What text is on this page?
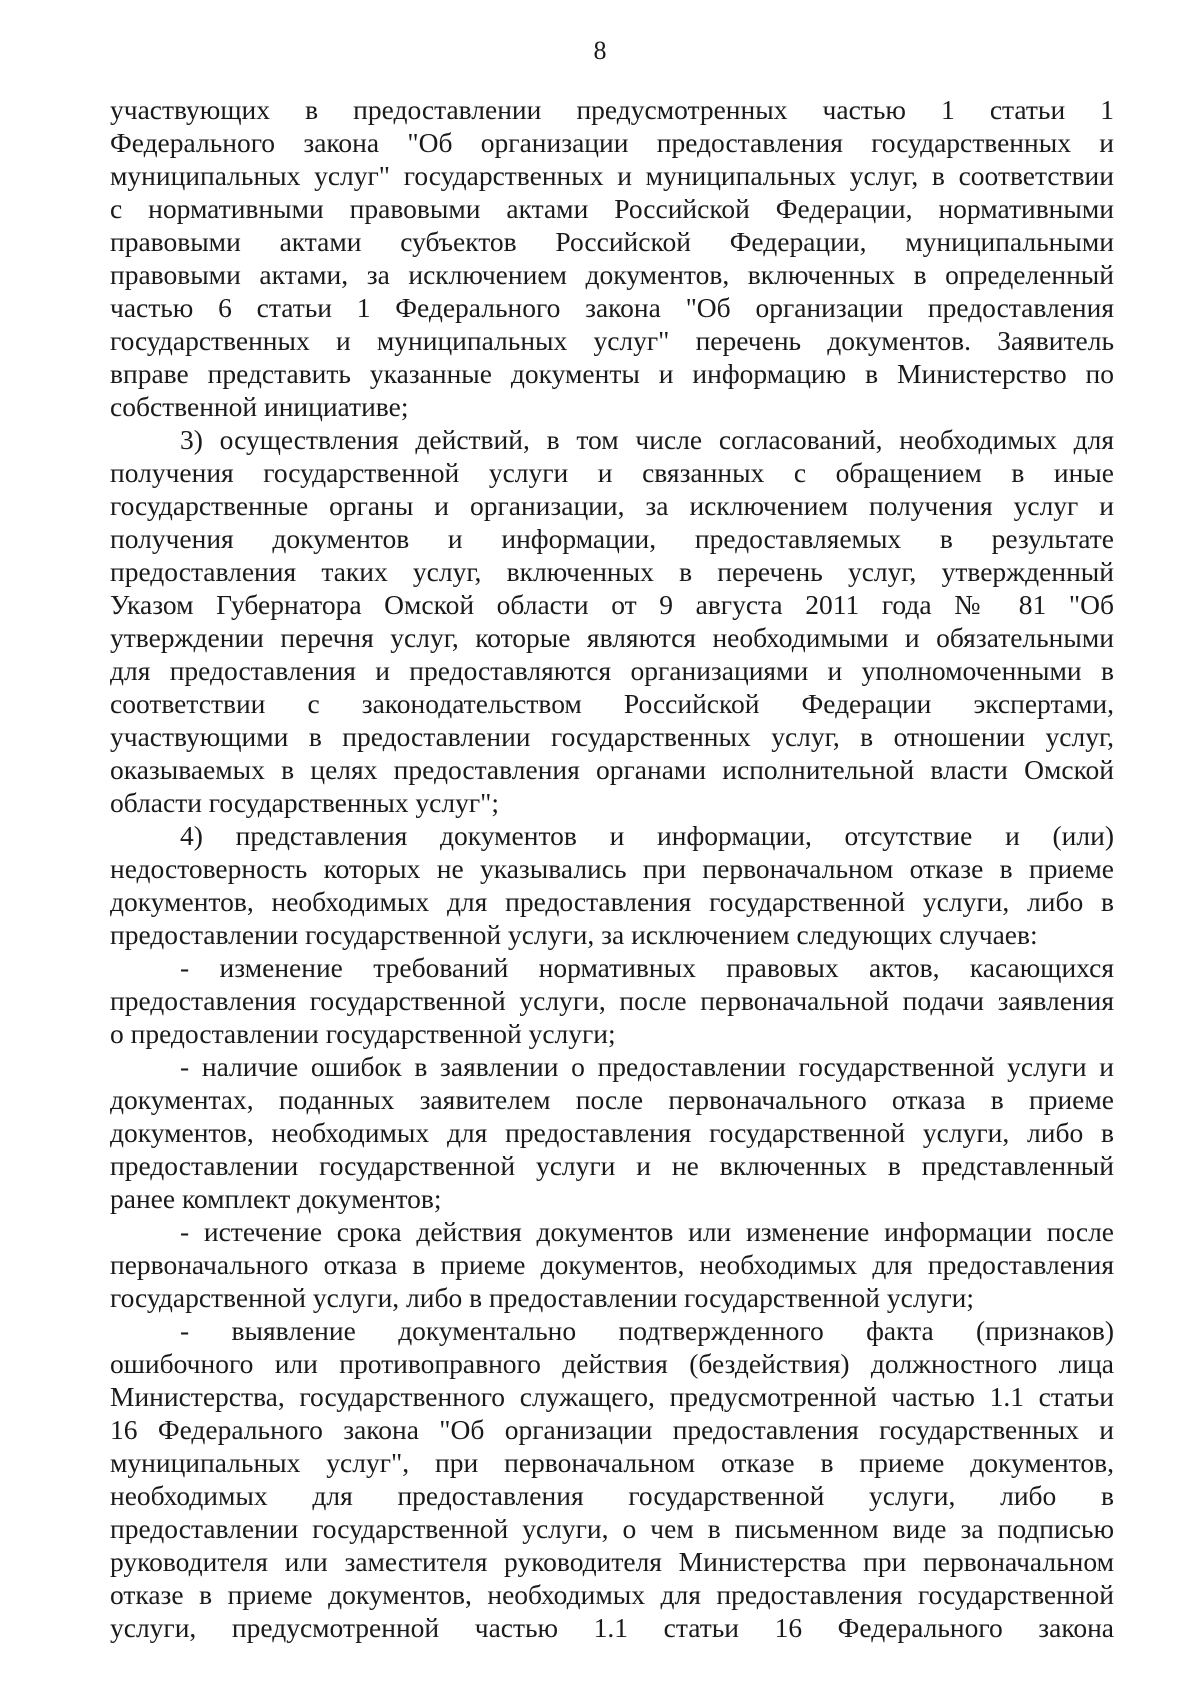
8
участвующих в предоставлении предусмотренных частью 1 статьи 1
Федерального закона "Об организации предоставления государственных и
муниципальных услуг" государственных и муниципальных услуг, в соответствии
с нормативными правовыми актами Российской Федерации, нормативными
правовыми актами субъектов Российской Федерации, муниципальными
правовыми актами, за исключением документов, включенных в определенный
частью 6 статьи 1 Федерального закона "Об организации предоставления
государственных и муниципальных услуг" перечень документов. Заявитель
вправе представить указанные документы и информацию в Министерство по
собственной инициативе;
3) осуществления действий, в том числе согласований, необходимых для
получения государственной услуги и связанных с обращением в иные
государственные органы и организации, за исключением получения услуг и
получения документов и информации, предоставляемых в результате
предоставления таких услуг, включенных в перечень услуг, утвержденный
Указом Губернатора Омской области от 9 августа 2011 года № 81 "Об
утверждении перечня услуг, которые являются необходимыми и обязательными
для предоставления и предоставляются организациями и уполномоченными в
соответствии с законодательством Российской Федерации экспертами,
участвующими в предоставлении государственных услуг, в отношении услуг,
оказываемых в целях предоставления органами исполнительной власти Омской
области государственных услуг";
4) представления документов и информации, отсутствие и (или)
недостоверность которых не указывались при первоначальном отказе в приеме
документов, необходимых для предоставления государственной услуги, либо в
предоставлении государственной услуги, за исключением следующих случаев:
- изменение требований нормативных правовых актов, касающихся
предоставления государственной услуги, после первоначальной подачи заявления
о предоставлении государственной услуги;
- наличие ошибок в заявлении о предоставлении государственной услуги и
документах, поданных заявителем после первоначального отказа в приеме
документов, необходимых для предоставления государственной услуги, либо в
предоставлении государственной услуги и не включенных в представленный
ранее комплект документов;
- истечение срока действия документов или изменение информации после
первоначального отказа в приеме документов, необходимых для предоставления
государственной услуги, либо в предоставлении государственной услуги;
- выявление документально подтвержденного факта (признаков)
ошибочного или противоправного действия (бездействия) должностного лица
Министерства, государственного служащего, предусмотренной частью 1.1 статьи
16 Федерального закона "Об организации предоставления государственных и
муниципальных услуг", при первоначальном отказе в приеме документов,
необходимых для предоставления государственной услуги, либо в
предоставлении государственной услуги, о чем в письменном виде за подписью
руководителя или заместителя руководителя Министерства при первоначальном
отказе в приеме документов, необходимых для предоставления государственной
услуги, предусмотренной частью 1.1 статьи 16 Федерального закона
